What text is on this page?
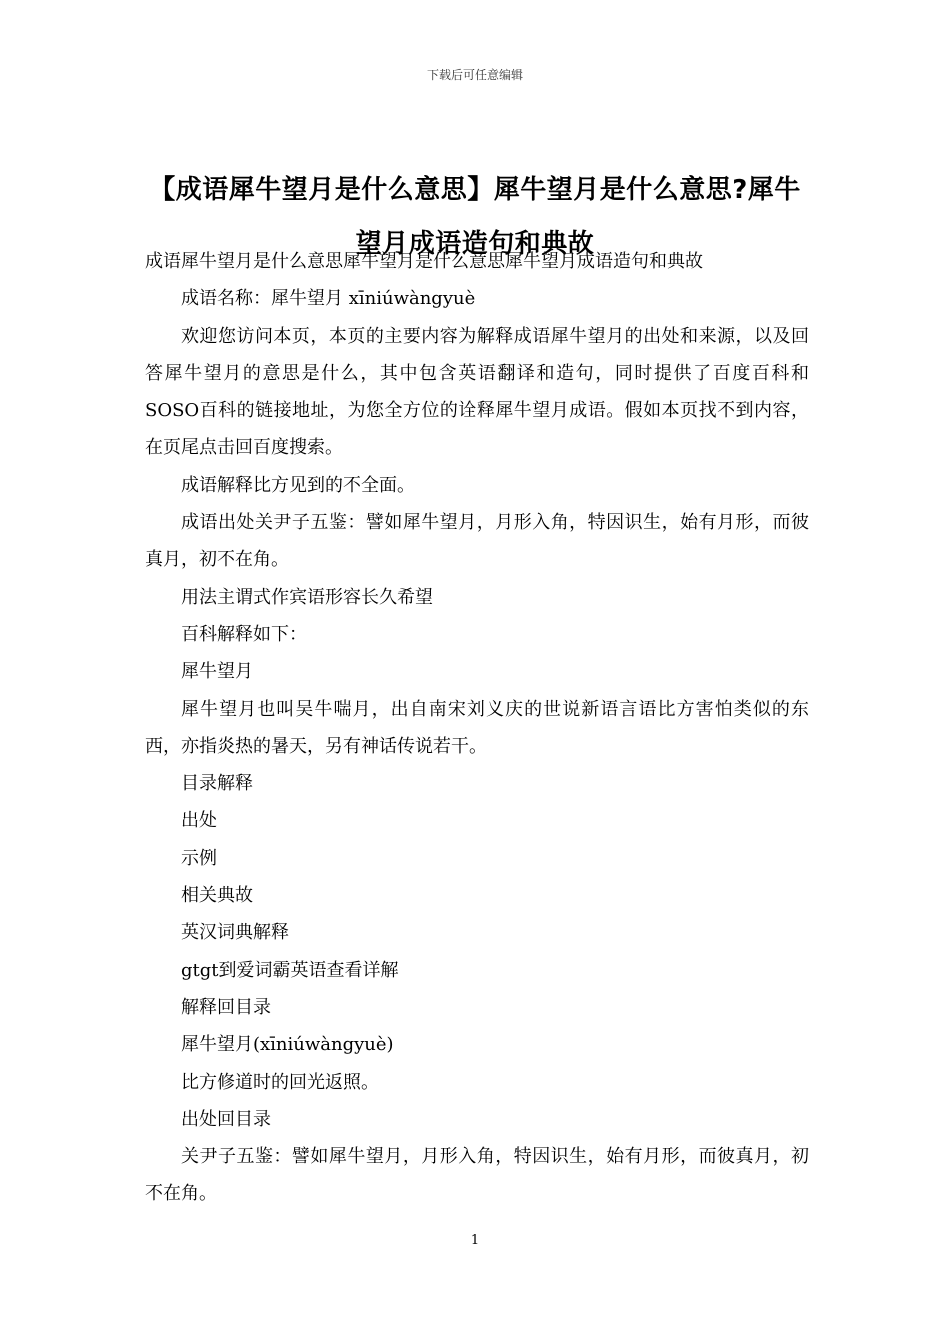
下载后可任意编辑
【成语犀牛望月是什么意思】犀牛望月是什么意思?犀牛望月成语造句和典故

成语犀牛望月是什么意思犀牛望月是什么意思犀牛望月成语造句和典故

成语名称：犀牛望月 xīniúwàngyuè

欢迎您访问本页，本页的主要内容为解释成语犀牛望月的出处和来源，以及回答犀牛望月的意思是什么，其中包含英语翻译和造句，同时提供了百度百科和SOSO百科的链接地址，为您全方位的诠释犀牛望月成语。假如本页找不到内容，在页尾点击回百度搜索。

成语解释比方见到的不全面。

成语出处关尹子五鉴：譬如犀牛望月，月形入角，特因识生，始有月形，而彼真月，初不在角。

用法主谓式作宾语形容长久希望

百科解释如下：

犀牛望月

犀牛望月也叫吴牛喘月，出自南宋刘义庆的世说新语言语比方害怕类似的东西，亦指炎热的暑天，另有神话传说若干。

目录解释

出处

示例

相关典故

英汉词典解释

gtgt到爱词霸英语查看详解

解释回目录

犀牛望月(xīniúwàngyuè)

比方修道时的回光返照。

出处回目录

关尹子五鉴：譬如犀牛望月，月形入角，特因识生，始有月形，而彼真月，初不在角。

1
